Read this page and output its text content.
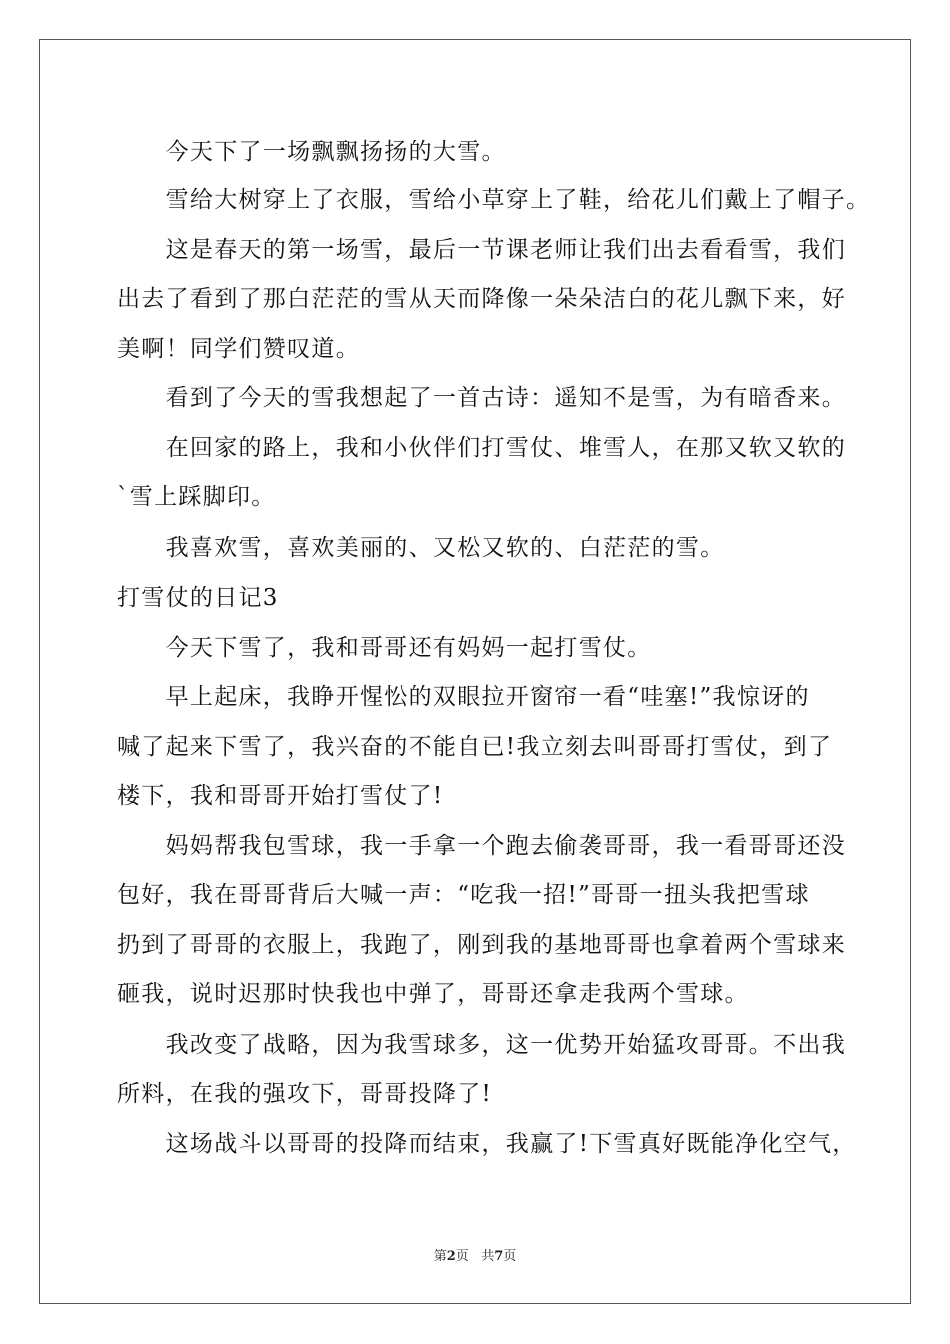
　　今天下了一场飘飘扬扬的大雪。
　　雪给大树穿上了衣服，雪给小草穿上了鞋，给花儿们戴上了帽子。
　　这是春天的第一场雪，最后一节课老师让我们出去看看雪，我们
出去了看到了那白茫茫的雪从天而降像一朵朵洁白的花儿飘下来，好
美啊！同学们赞叹道。
　　看到了今天的雪我想起了一首古诗：遥知不是雪，为有暗香来。
　　在回家的路上，我和小伙伴们打雪仗、堆雪人，在那又软又软的
`雪上踩脚印。
　　我喜欢雪，喜欢美丽的、又松又软的、白茫茫的雪。
打雪仗的日记3
　　今天下雪了，我和哥哥还有妈妈一起打雪仗。
　　早上起床，我睁开惺忪的双眼拉开窗帘一看“哇塞!”我惊讶的
喊了起来下雪了，我兴奋的不能自已!我立刻去叫哥哥打雪仗，到了
楼下，我和哥哥开始打雪仗了!
　　妈妈帮我包雪球，我一手拿一个跑去偷袭哥哥，我一看哥哥还没
包好，我在哥哥背后大喊一声：“吃我一招!”哥哥一扭头我把雪球
扔到了哥哥的衣服上，我跑了，刚到我的基地哥哥也拿着两个雪球来
砸我，说时迟那时快我也中弹了，哥哥还拿走我两个雪球。
　　我改变了战略，因为我雪球多，这一优势开始猛攻哥哥。不出我
所料，在我的强攻下，哥哥投降了!
　　这场战斗以哥哥的投降而结束，我赢了!下雪真好既能净化空气，
第2页 共7页
